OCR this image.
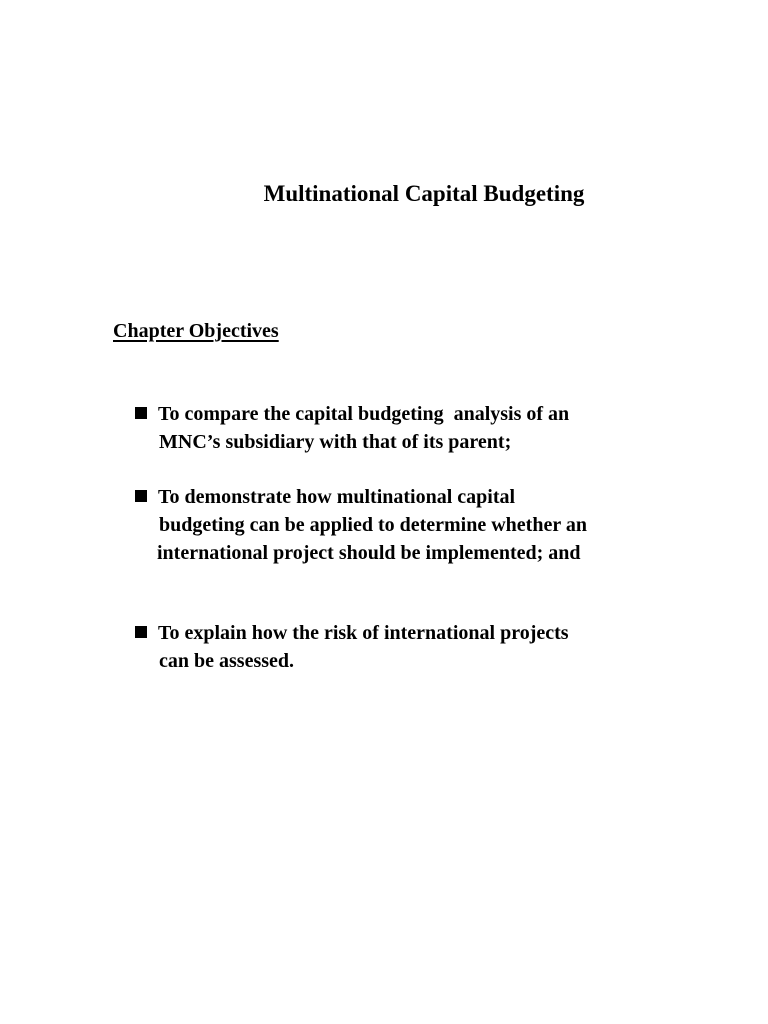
Multinational Capital Budgeting
Chapter Objectives
To compare the capital budgeting  analysis of an
MNC’s subsidiary with that of its parent;
To demonstrate how multinational capital
budgeting can be applied to determine whether an
international project should be implemented; and
To explain how the risk of international projects
can be assessed.
